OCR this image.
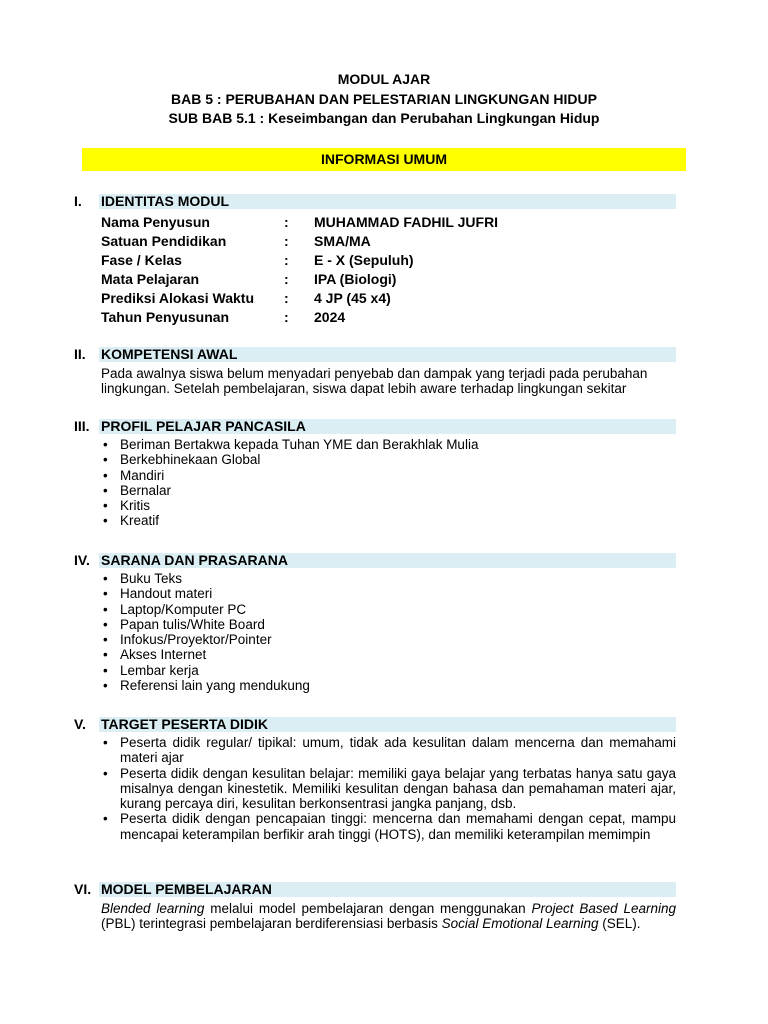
MODUL AJAR
BAB 5 : PERUBAHAN DAN PELESTARIAN LINGKUNGAN HIDUP
SUB BAB 5.1 : Keseimbangan dan Perubahan Lingkungan Hidup
INFORMASI UMUM
I. IDENTITAS MODUL
Nama Penyusun	:	MUHAMMAD FADHIL JUFRI
Satuan Pendidikan	:	SMA/MA
Fase / Kelas	:	E - X (Sepuluh)
Mata Pelajaran	:	IPA (Biologi)
Prediksi Alokasi Waktu	:	4 JP (45 x4)
Tahun Penyusunan	:	2024
II. KOMPETENSI AWAL
Pada awalnya siswa belum menyadari penyebab dan dampak yang terjadi pada perubahan lingkungan. Setelah pembelajaran, siswa dapat lebih aware terhadap lingkungan sekitar
III. PROFIL PELAJAR PANCASILA
• Beriman Bertakwa kepada Tuhan YME dan Berakhlak Mulia
• Berkebhinekaan Global
• Mandiri
• Bernalar
• Kritis
• Kreatif
IV. SARANA DAN PRASARANA
• Buku Teks
• Handout materi
• Laptop/Komputer PC
• Papan tulis/White Board
• Infokus/Proyektor/Pointer
• Akses Internet
• Lembar kerja
• Referensi lain yang mendukung
V. TARGET PESERTA DIDIK
• Peserta didik regular/ tipikal: umum, tidak ada kesulitan dalam mencerna dan memahami materi ajar
• Peserta didik dengan kesulitan belajar: memiliki gaya belajar yang terbatas hanya satu gaya misalnya dengan kinestetik. Memiliki kesulitan dengan bahasa dan pemahaman materi ajar, kurang percaya diri, kesulitan berkonsentrasi jangka panjang, dsb.
• Peserta didik dengan pencapaian tinggi: mencerna dan memahami dengan cepat, mampu mencapai keterampilan berfikir arah tinggi (HOTS), dan memiliki keterampilan memimpin
VI. MODEL PEMBELAJARAN
Blended learning melalui model pembelajaran dengan menggunakan Project Based Learning (PBL) terintegrasi pembelajaran berdiferensiasi berbasis Social Emotional Learning (SEL).
